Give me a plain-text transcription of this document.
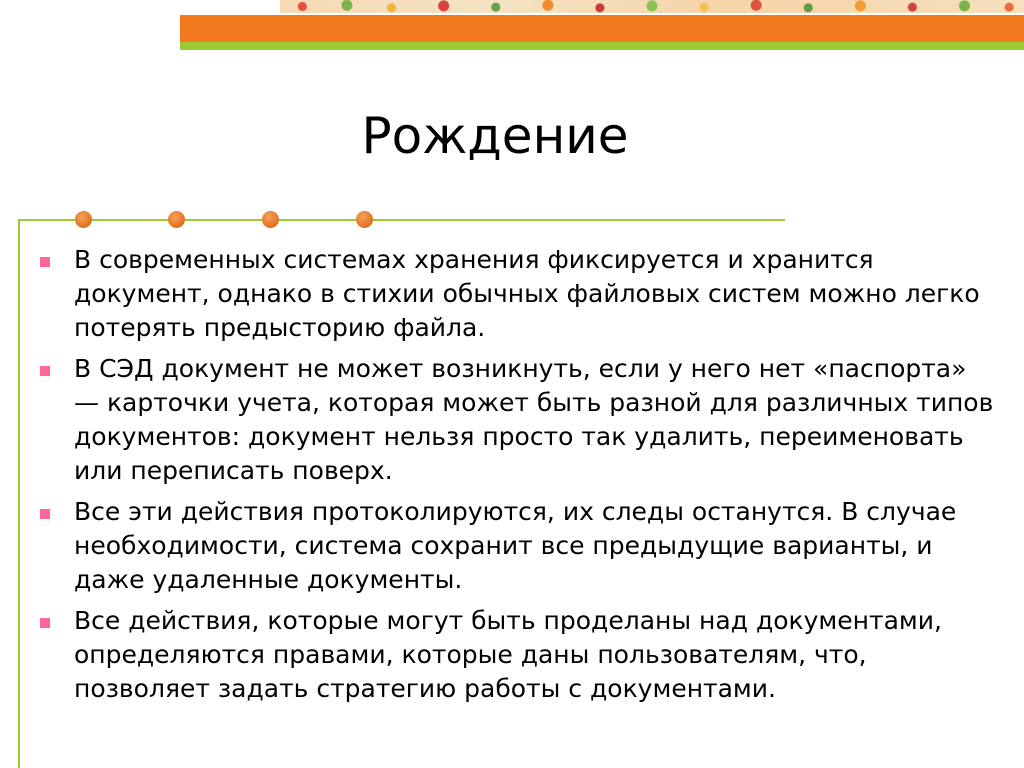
Рождение
В современных системах хранения фиксируется и хранится документ, однако в стихии обычных файловых систем можно легко потерять предысторию файла.
В СЭД документ не может возникнуть, если у него нет «паспорта» — карточки учета, которая может быть разной для различных типов документов: документ нельзя просто так удалить, переименовать или переписать поверх.
Все эти действия протоколируются, их следы останутся. В случае необходимости, система сохранит все предыдущие варианты, и даже удаленные документы.
Все действия, которые могут быть проделаны над документами, определяются правами, которые даны пользователям, что, позволяет задать стратегию работы с документами.
